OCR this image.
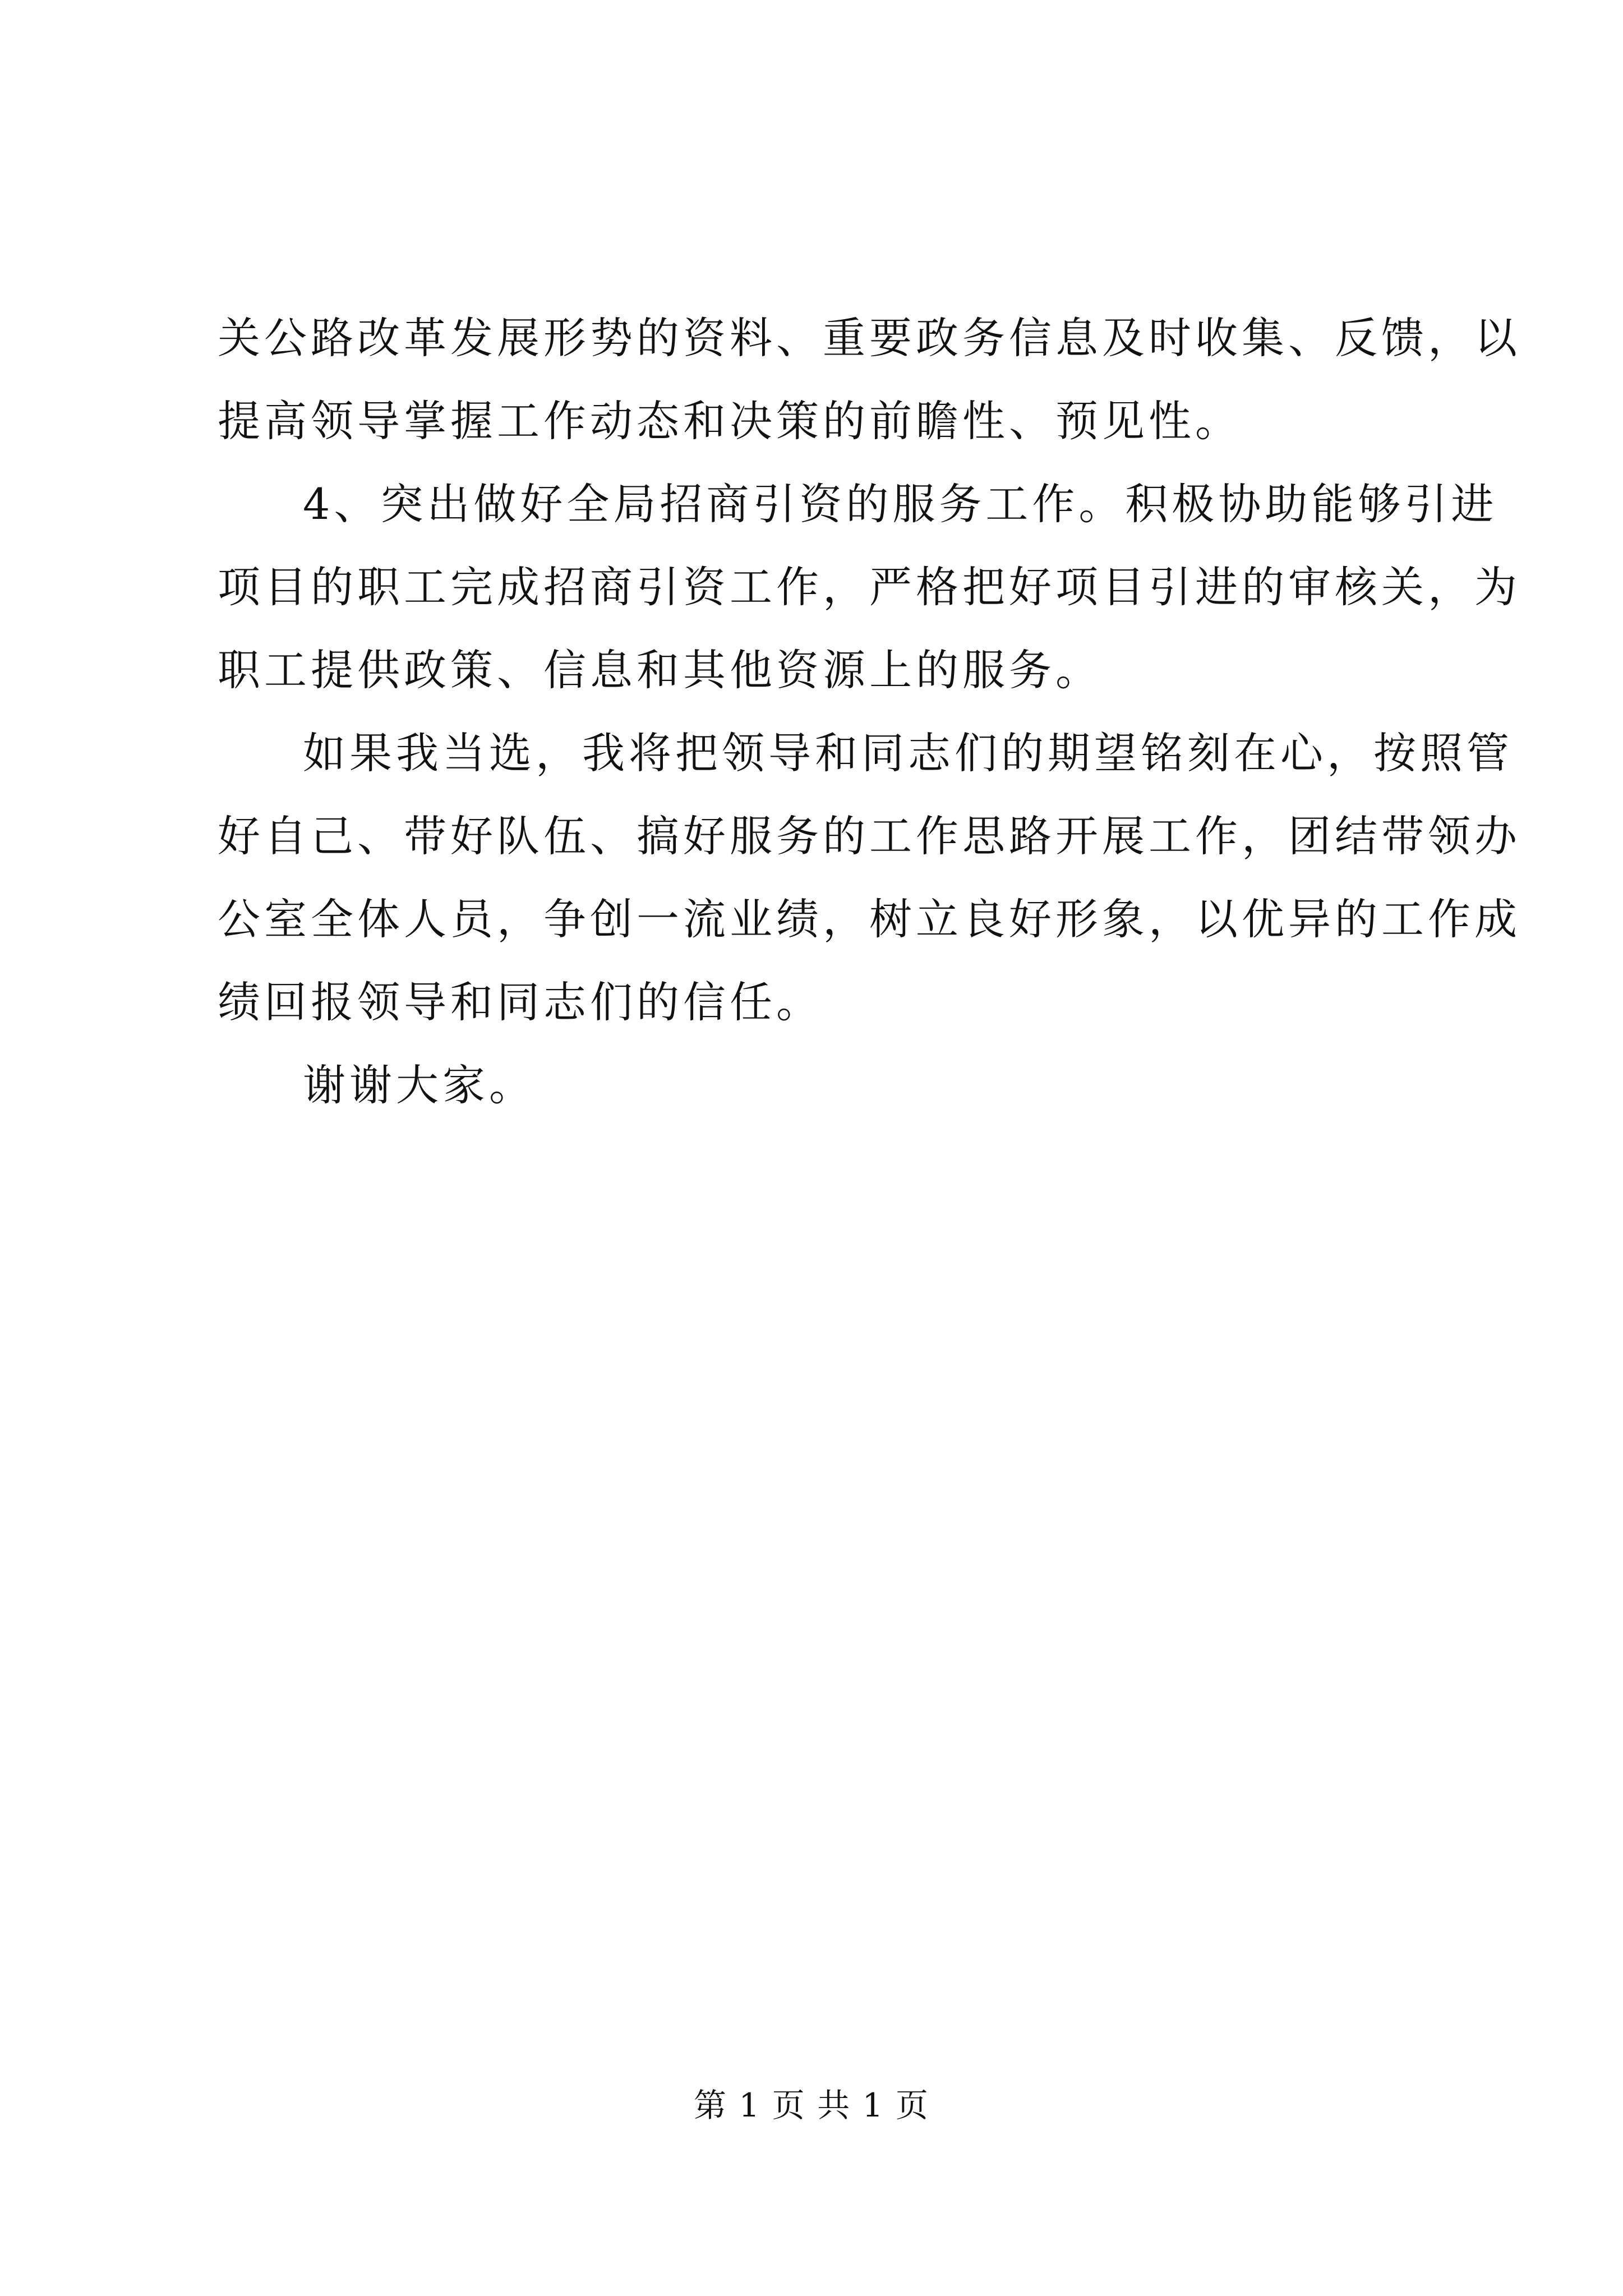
关公路改革发展形势的资料、重要政务信息及时收集、反馈，以
提高领导掌握工作动态和决策的前瞻性、预见性。
4、突出做好全局招商引资的服务工作。积极协助能够引进
项目的职工完成招商引资工作，严格把好项目引进的审核关，为
职工提供政策、信息和其他资源上的服务。
如果我当选，我将把领导和同志们的期望铭刻在心，按照管
好自己、带好队伍、搞好服务的工作思路开展工作，团结带领办
公室全体人员，争创一流业绩，树立良好形象，以优异的工作成
绩回报领导和同志们的信任。
谢谢大家。
第 1 页 共 1 页
